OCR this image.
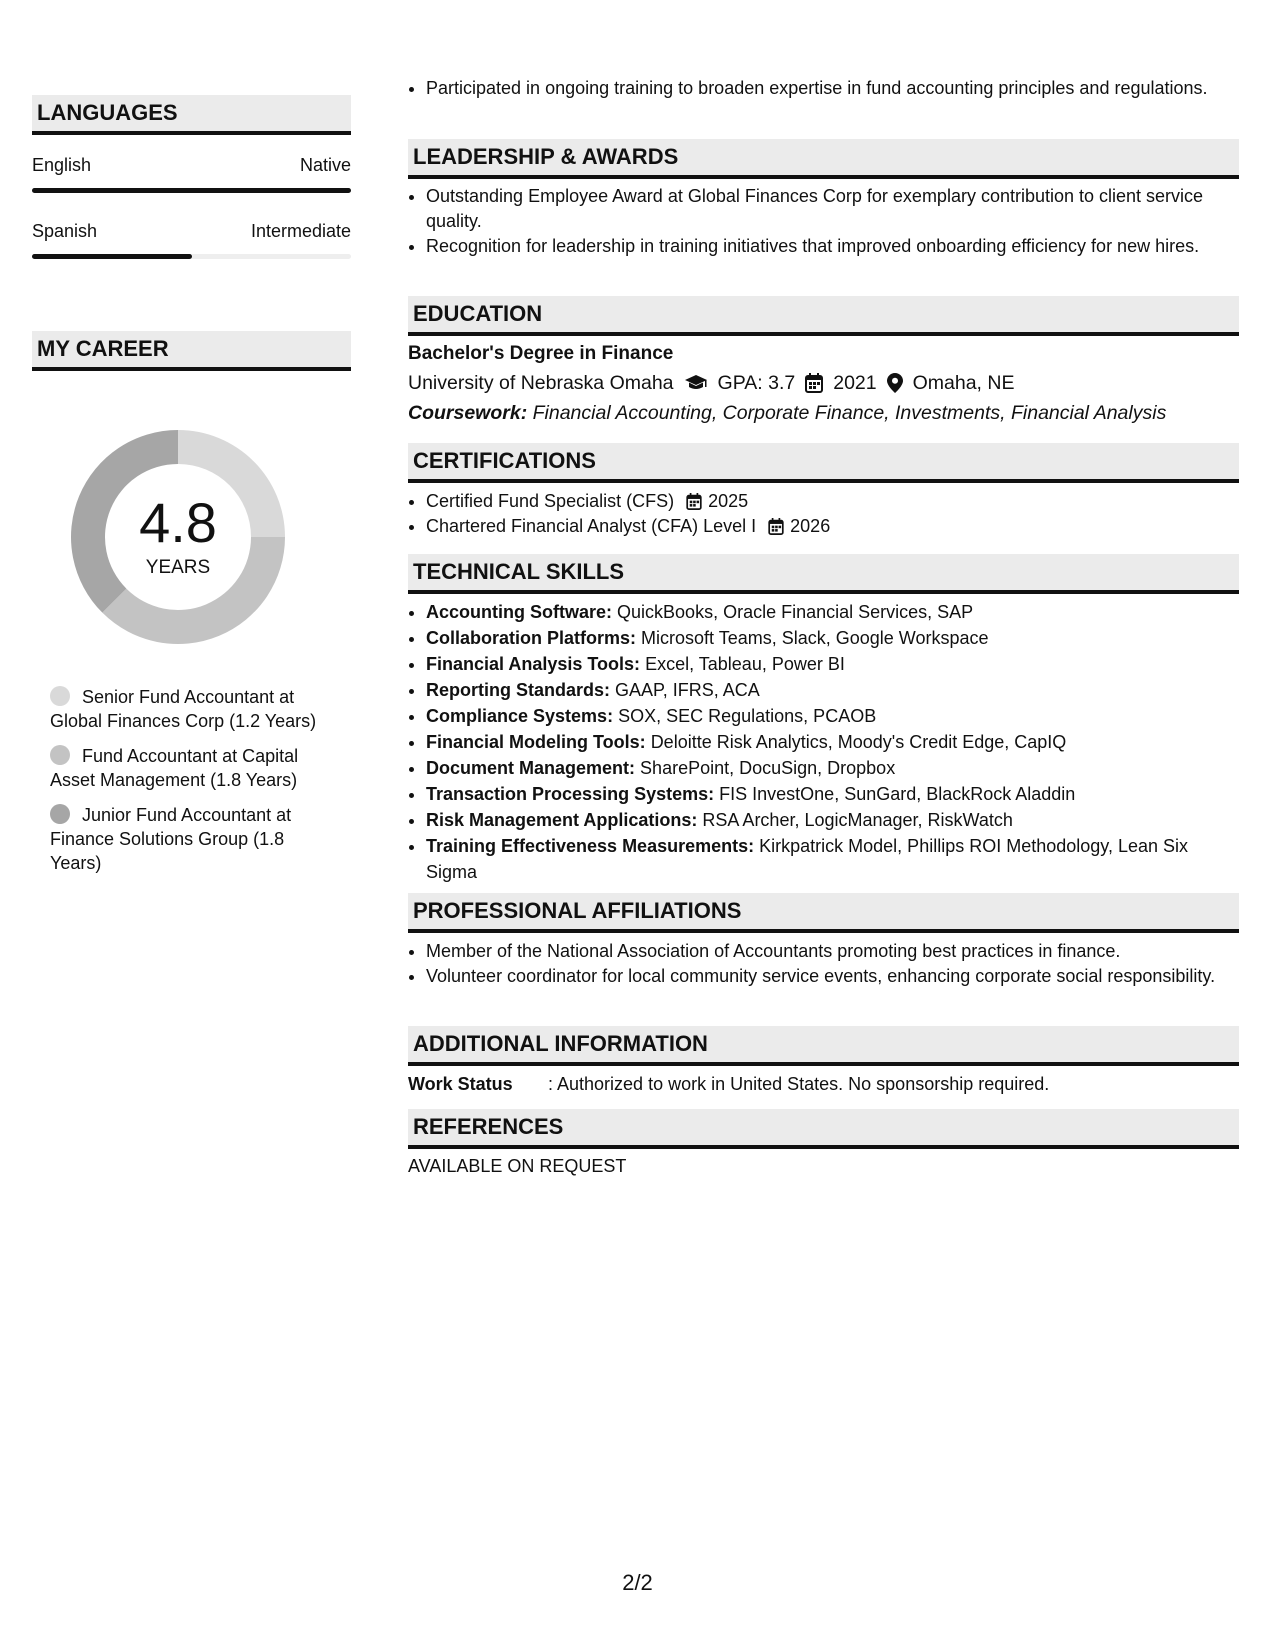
LANGUAGES
English	Native
Spanish	Intermediate
MY CAREER
4.8
YEARS
Senior Fund Accountant at Global Finances Corp (1.2 Years)
Fund Accountant at Capital Asset Management (1.8 Years)
Junior Fund Accountant at Finance Solutions Group (1.8 Years)
• Participated in ongoing training to broaden expertise in fund accounting principles and regulations.
LEADERSHIP & AWARDS
• Outstanding Employee Award at Global Finances Corp for exemplary contribution to client service quality.
• Recognition for leadership in training initiatives that improved onboarding efficiency for new hires.
EDUCATION
Bachelor's Degree in Finance
University of Nebraska Omaha GPA: 3.7 2021 Omaha, NE
Coursework: Financial Accounting, Corporate Finance, Investments, Financial Analysis
CERTIFICATIONS
• Certified Fund Specialist (CFS) 2025
• Chartered Financial Analyst (CFA) Level I 2026
TECHNICAL SKILLS
• Accounting Software: QuickBooks, Oracle Financial Services, SAP
• Collaboration Platforms: Microsoft Teams, Slack, Google Workspace
• Financial Analysis Tools: Excel, Tableau, Power BI
• Reporting Standards: GAAP, IFRS, ACA
• Compliance Systems: SOX, SEC Regulations, PCAOB
• Financial Modeling Tools: Deloitte Risk Analytics, Moody's Credit Edge, CapIQ
• Document Management: SharePoint, DocuSign, Dropbox
• Transaction Processing Systems: FIS InvestOne, SunGard, BlackRock Aladdin
• Risk Management Applications: RSA Archer, LogicManager, RiskWatch
• Training Effectiveness Measurements: Kirkpatrick Model, Phillips ROI Methodology, Lean Six Sigma
PROFESSIONAL AFFILIATIONS
• Member of the National Association of Accountants promoting best practices in finance.
• Volunteer coordinator for local community service events, enhancing corporate social responsibility.
ADDITIONAL INFORMATION
Work Status : Authorized to work in United States. No sponsorship required.
REFERENCES
AVAILABLE ON REQUEST
2/2
